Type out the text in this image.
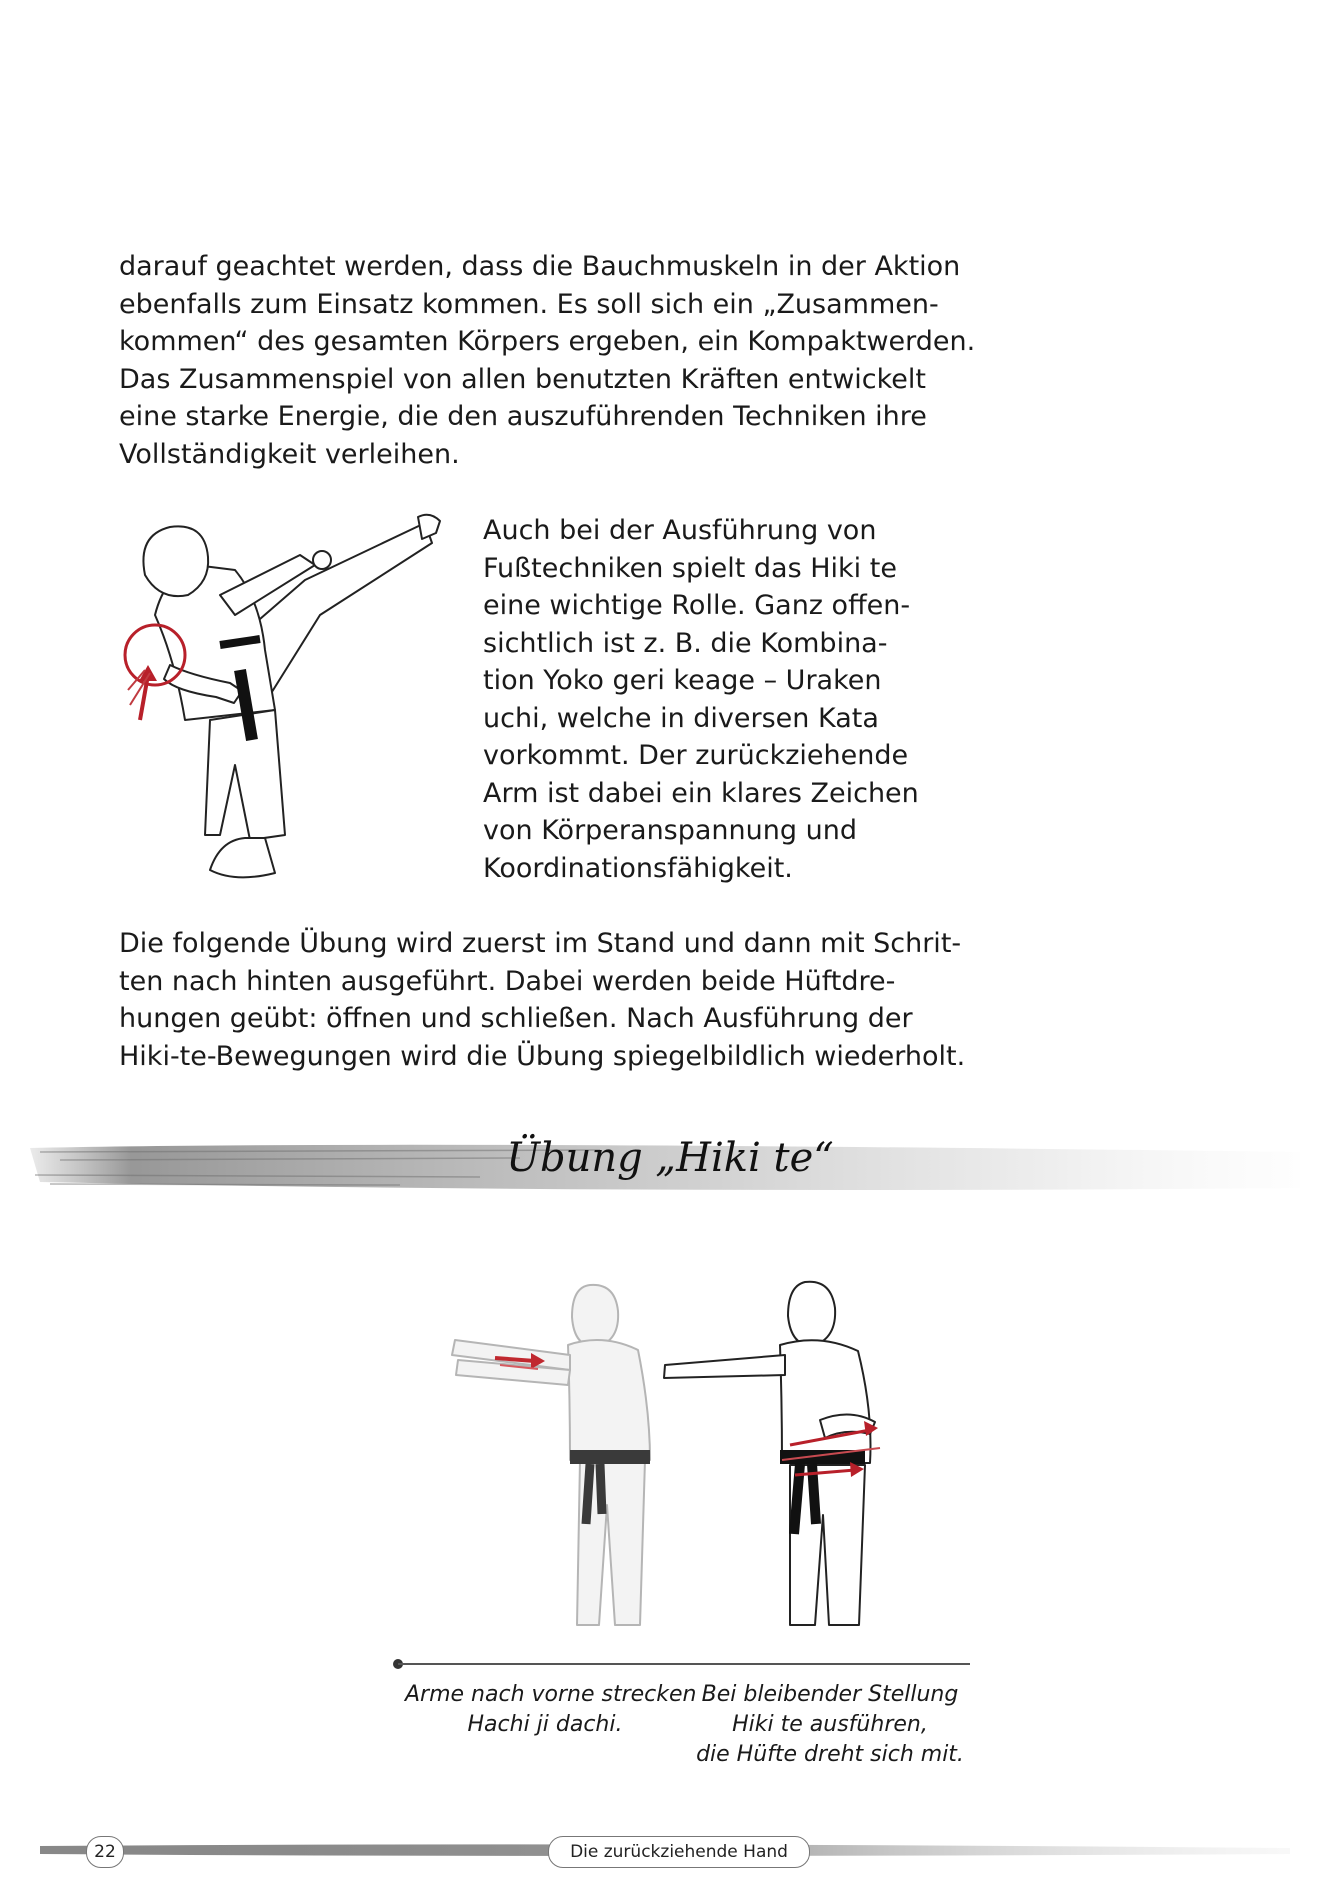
darauf geachtet werden, dass die Bauchmuskeln in der Aktion
ebenfalls zum Einsatz kommen. Es soll sich ein „Zusammen-
kommen“ des gesamten Körpers ergeben, ein Kompaktwerden.
Das Zusammenspiel von allen benutzten Kräften entwickelt
eine starke Energie, die den auszuführenden Techniken ihre
Vollständigkeit verleihen.
Auch bei der Ausführung von
Fußtechniken spielt das Hiki te
eine wichtige Rolle. Ganz offen-
sichtlich ist z. B. die Kombina-
tion Yoko geri keage – Uraken
uchi, welche in diversen Kata
vorkommt. Der zurückziehende
Arm ist dabei ein klares Zeichen
von Körperanspannung und
Koordinationsfähigkeit.
Die folgende Übung wird zuerst im Stand und dann mit Schrit-
ten nach hinten ausgeführt. Dabei werden beide Hüftdre-
hungen geübt: öffnen und schließen. Nach Ausführung der
Hiki-te-Bewegungen wird die Übung spiegelbildlich wiederholt.
Übung „Hiki te“
Arme nach vorne strecken
Hachi ji dachi.
Bei bleibender Stellung
Hiki te ausführen,
die Hüfte dreht sich mit.
22	Die zurückziehende Hand
